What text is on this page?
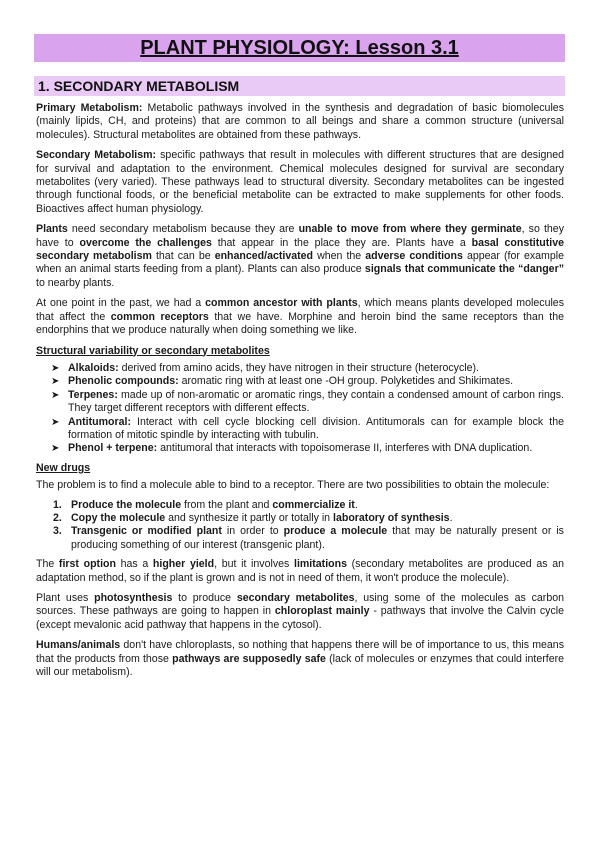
PLANT PHYSIOLOGY: Lesson 3.1
1. SECONDARY METABOLISM

Primary Metabolism: Metabolic pathways involved in the synthesis and degradation of basic biomolecules (mainly lipids, CH, and proteins) that are common to all beings and share a common structure (universal molecules). Structural metabolites are obtained from these pathways.

Secondary Metabolism: specific pathways that result in molecules with different structures that are designed for survival and adaptation to the environment. Chemical molecules designed for survival are secondary metabolites (very varied). These pathways lead to structural diversity. Secondary metabolites can be ingested through functional foods, or the beneficial metabolite can be extracted to make supplements for other foods. Bioactives affect human physiology.

Plants need secondary metabolism because they are unable to move from where they germinate, so they have to overcome the challenges that appear in the place they are. Plants have a basal constitutive secondary metabolism that can be enhanced/activated when the adverse conditions appear (for example when an animal starts feeding from a plant). Plants can also produce signals that communicate the “danger” to nearby plants.

At one point in the past, we had a common ancestor with plants, which means plants developed molecules that affect the common receptors that we have. Morphine and heroin bind the same receptors than the endorphins that we produce naturally when doing something we like.

Structural variability or secondary metabolites
➤ Alkaloids: derived from amino acids, they have nitrogen in their structure (heterocycle).
➤ Phenolic compounds: aromatic ring with at least one -OH group. Polyketides and Shikimates.
➤ Terpenes: made up of non-aromatic or aromatic rings, they contain a condensed amount of carbon rings. They target different receptors with different effects.
➤ Antitumoral: Interact with cell cycle blocking cell division. Antitumorals can for example block the formation of mitotic spindle by interacting with tubulin.
➤ Phenol + terpene: antitumoral that interacts with topoisomerase II, interferes with DNA duplication.
New drugs

The problem is to find a molecule able to bind to a receptor. There are two possibilities to obtain the molecule:

1. Produce the molecule from the plant and commercialize it.
2. Copy the molecule and synthesize it partly or totally in laboratory of synthesis.
3. Transgenic or modified plant in order to produce a molecule that may be naturally present or is producing something of our interest (transgenic plant).

The first option has a higher yield, but it involves limitations (secondary metabolites are produced as an adaptation method, so if the plant is grown and is not in need of them, it won't produce the molecule).

Plant uses photosynthesis to produce secondary metabolites, using some of the molecules as carbon sources. These pathways are going to happen in chloroplast mainly - pathways that involve the Calvin cycle (except mevalonic acid pathway that happens in the cytosol).

Humans/animals don't have chloroplasts, so nothing that happens there will be of importance to us, this means that the products from those pathways are supposedly safe (lack of molecules or enzymes that could interfere will our metabolism).
